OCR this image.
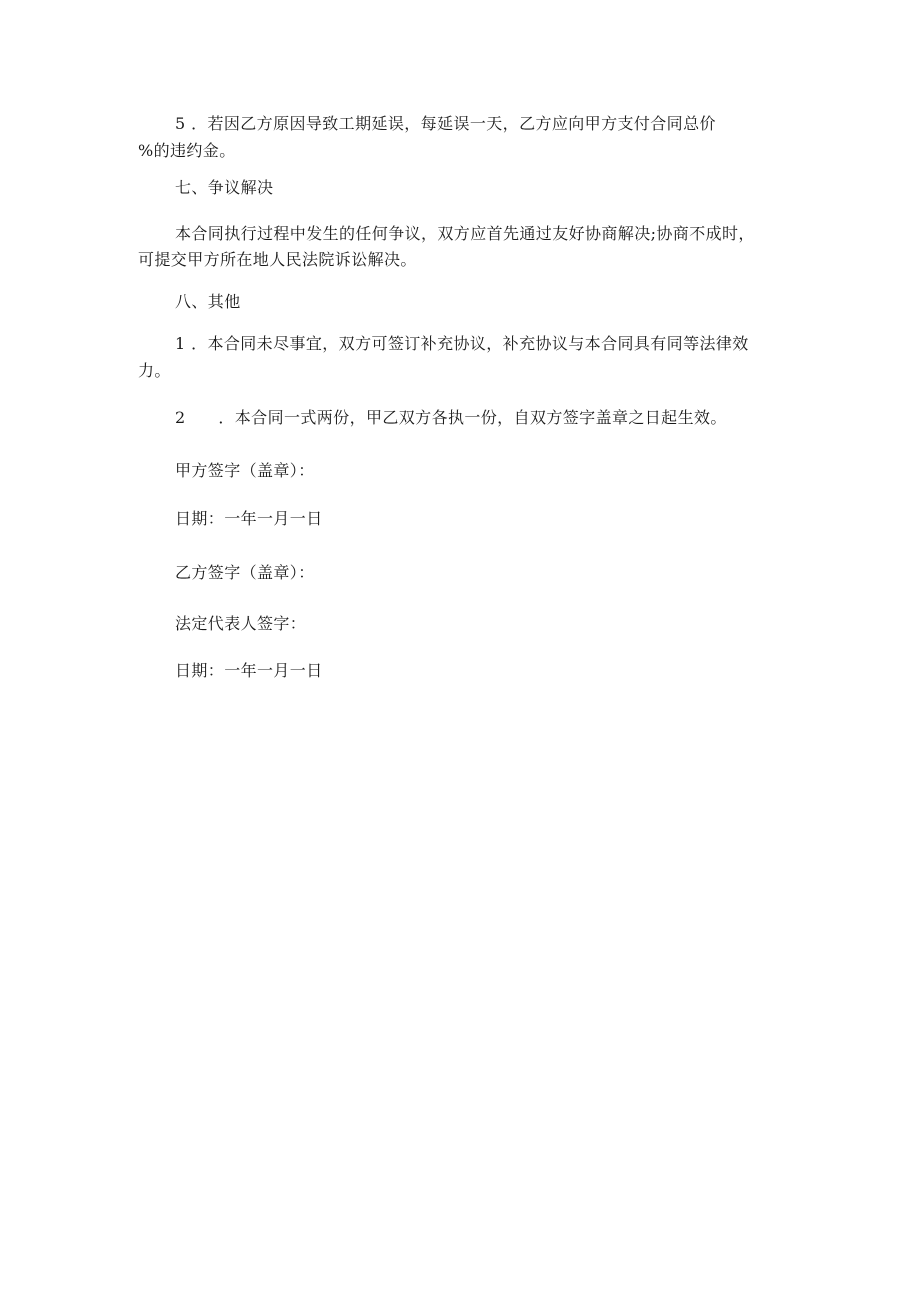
5 ．若因乙方原因导致工期延误，每延误一天，乙方应向甲方支付合同总价
%的违约金。
七、争议解决
本合同执行过程中发生的任何争议，双方应首先通过友好协商解决;协商不成时，
可提交甲方所在地人民法院诉讼解决。
八、其他
1 ．本合同未尽事宜，双方可签订补充协议，补充协议与本合同具有同等法律效
力。
2　　．本合同一式两份，甲乙双方各执一份，自双方签字盖章之日起生效。
甲方签字（盖章）：
日期：一年一月一日
乙方签字（盖章）：
法定代表人签字：
日期：一年一月一日
